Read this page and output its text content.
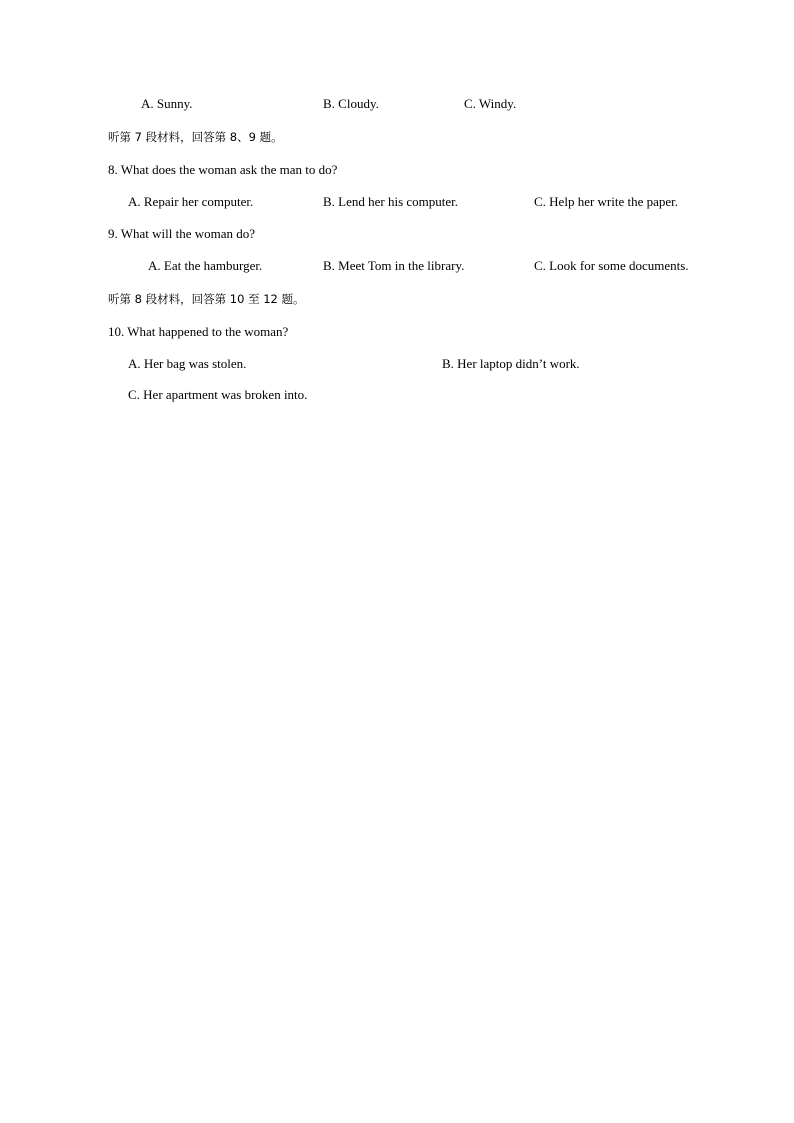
A. Sunny.	B. Cloudy.	C. Windy.
听第 7 段材料，回答第 8、9 题。
8. What does the woman ask the man to do?
A. Repair her computer.	B. Lend her his computer.	C. Help her write the paper.
9. What will the woman do?
A. Eat the hamburger.	B. Meet Tom in the library.	C. Look for some documents.
听第 8 段材料，回答第 10 至 12 题。
10. What happened to the woman?
A. Her bag was stolen.	B. Her laptop didn’t work.
C. Her apartment was broken into.
